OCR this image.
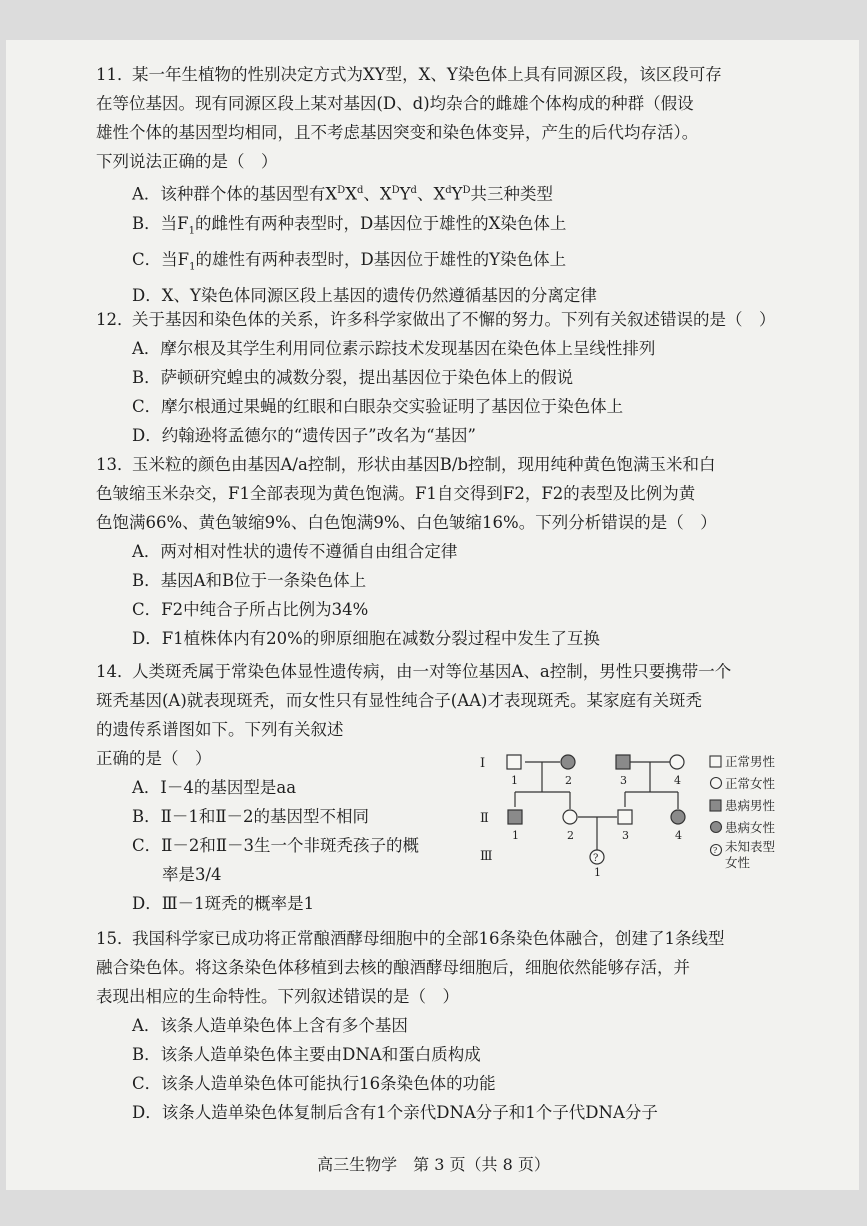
11．
某一年生植物的性别决定方式为XY型，X、Y染色体上具有同源区段，该区段可存
在等位基因。现有同源区段上某对基因(D、d)均杂合的雌雄个体构成的种群（假设
雄性个体的基因型均相同，且不考虑基因突变和染色体变异，产生的后代均存活）。
下列说法正确的是（　）
A．该种群个体的基因型有$X^DX^d$、$X^DY^d$、$X^dY^D$共三种类型
B．当$F_1$的雌性有两种表型时，D基因位于雄性的X染色体上
C．当$F_1$的雄性有两种表型时，D基因位于雄性的Y染色体上
D．X、Y染色体同源区段上基因的遗传仍然遵循基因的分离定律
12．
关于基因和染色体的关系，许多科学家做出了不懈的努力。下列有关叙述错误的是（　）
A．摩尔根及其学生利用同位素示踪技术发现基因在染色体上呈线性排列
B．萨顿研究蝗虫的减数分裂，提出基因位于染色体上的假说
C．摩尔根通过果蝇的红眼和白眼杂交实验证明了基因位于染色体上
D．约翰逊将孟德尔的“遗传因子”改名为“基因”
13．
玉米粒的颜色由基因A/a控制，形状由基因B/b控制，现用纯种黄色饱满玉米和白
色皱缩玉米杂交，F1全部表现为黄色饱满。F1自交得到F2，F2的表型及比例为黄
色饱满66%、黄色皱缩9%、白色饱满9%、白色皱缩16%。下列分析错误的是（　）
A．两对相对性状的遗传不遵循自由组合定律
B．基因A和B位于一条染色体上
C．F2中纯合子所占比例为34%
D．F1植株体内有20%的卵原细胞在减数分裂过程中发生了互换
14．
人类斑秃属于常染色体显性遗传病，由一对等位基因A、a控制，男性只要携带一个
斑秃基因(A)就表现斑秃，而女性只有显性纯合子(AA)才表现斑秃。某家庭有关斑秃
的遗传系谱图如下。下列有关叙述
正确的是（　）
A．Ⅰ－4的基因型是aa
B．Ⅱ－1和Ⅱ－2的基因型不相同
C．Ⅱ－2和Ⅱ－3生一个非斑秃孩子的概
率是3/4
D．Ⅲ－1斑秃的概率是1
Ⅰ
Ⅱ
Ⅲ
1	2	3	4
1	2	3	4
?
1
正常男性
正常女性
患病男性
患病女性
? 未知表型
女性
15．
我国科学家已成功将正常酿酒酵母细胞中的全部16条染色体融合，创建了1条线型
融合染色体。将这条染色体移植到去核的酿酒酵母细胞后，细胞依然能够存活，并
表现出相应的生命特性。下列叙述错误的是（　）
A．该条人造单染色体上含有多个基因
B．该条人造单染色体主要由DNA和蛋白质构成
C．该条人造单染色体可能执行16条染色体的功能
D．该条人造单染色体复制后含有1个亲代DNA分子和1个子代DNA分子
高三生物学　第 3 页（共 8 页）
